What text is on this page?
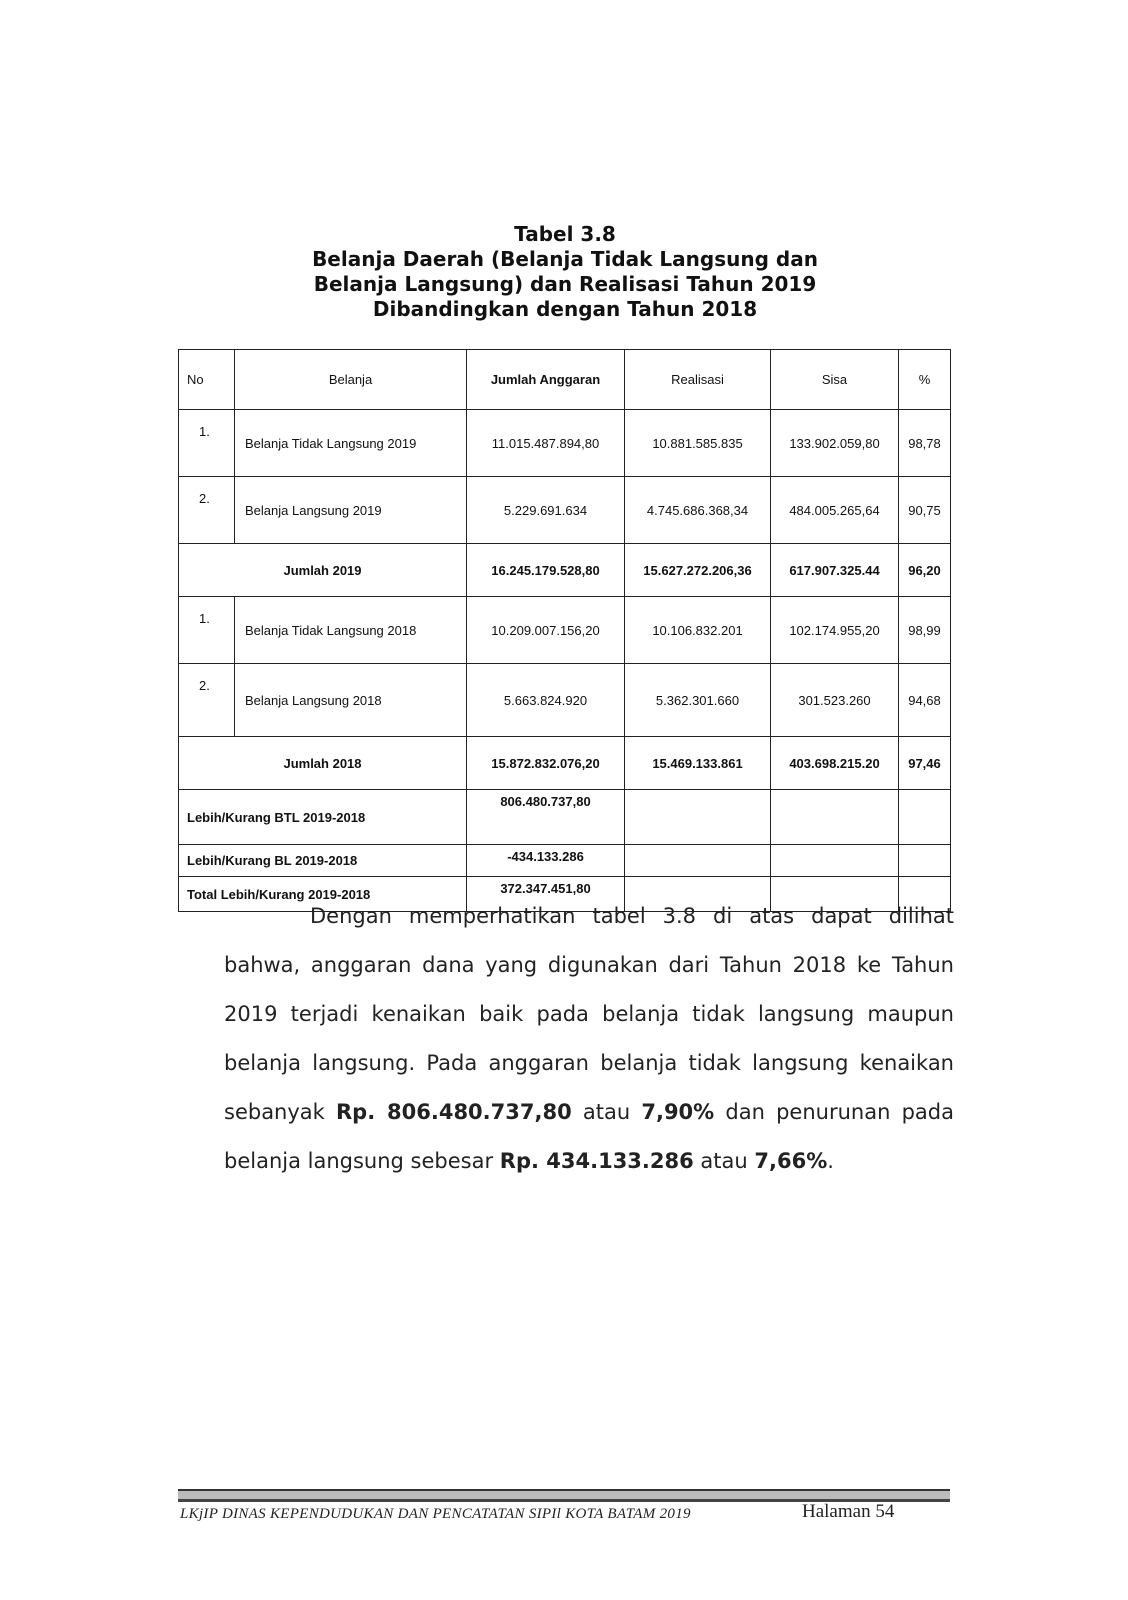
Tabel 3.8
Belanja Daerah (Belanja Tidak Langsung dan
Belanja Langsung) dan Realisasi Tahun 2019
Dibandingkan dengan Tahun 2018
No	Belanja	Jumlah Anggaran	Realisasi	Sisa	%
1.	Belanja Tidak Langsung 2019	11.015.487.894,80	10.881.585.835	133.902.059,80	98,78
2.	Belanja Langsung 2019	5.229.691.634	4.745.686.368,34	484.005.265,64	90,75
Jumlah 2019		16.245.179.528,80	15.627.272.206,36	617.907.325.44	96,20
1.	Belanja Tidak Langsung 2018	10.209.007.156,20	10.106.832.201	102.174.955,20	98,99
2.	Belanja Langsung 2018	5.663.824.920	5.362.301.660	301.523.260	94,68
Jumlah 2018		15.872.832.076,20	15.469.133.861	403.698.215.20	97,46
Lebih/Kurang BTL 2019-2018		806.480.737,80			
Lebih/Kurang BL 2019-2018		-434.133.286			
Total Lebih/Kurang 2019-2018		372.347.451,80			

Dengan memperhatikan tabel 3.8 di atas dapat dilihat bahwa, anggaran dana yang digunakan dari Tahun 2018 ke Tahun 2019 terjadi kenaikan baik pada belanja tidak langsung maupun belanja langsung. Pada anggaran belanja tidak langsung kenaikan sebanyak Rp. 806.480.737,80 atau 7,90% dan penurunan pada belanja langsung sebesar Rp. 434.133.286 atau 7,66%.

LKjIP DINAS KEPENDUDUKAN DAN PENCATATAN SIPIl KOTA BATAM 2019	Halaman 54
